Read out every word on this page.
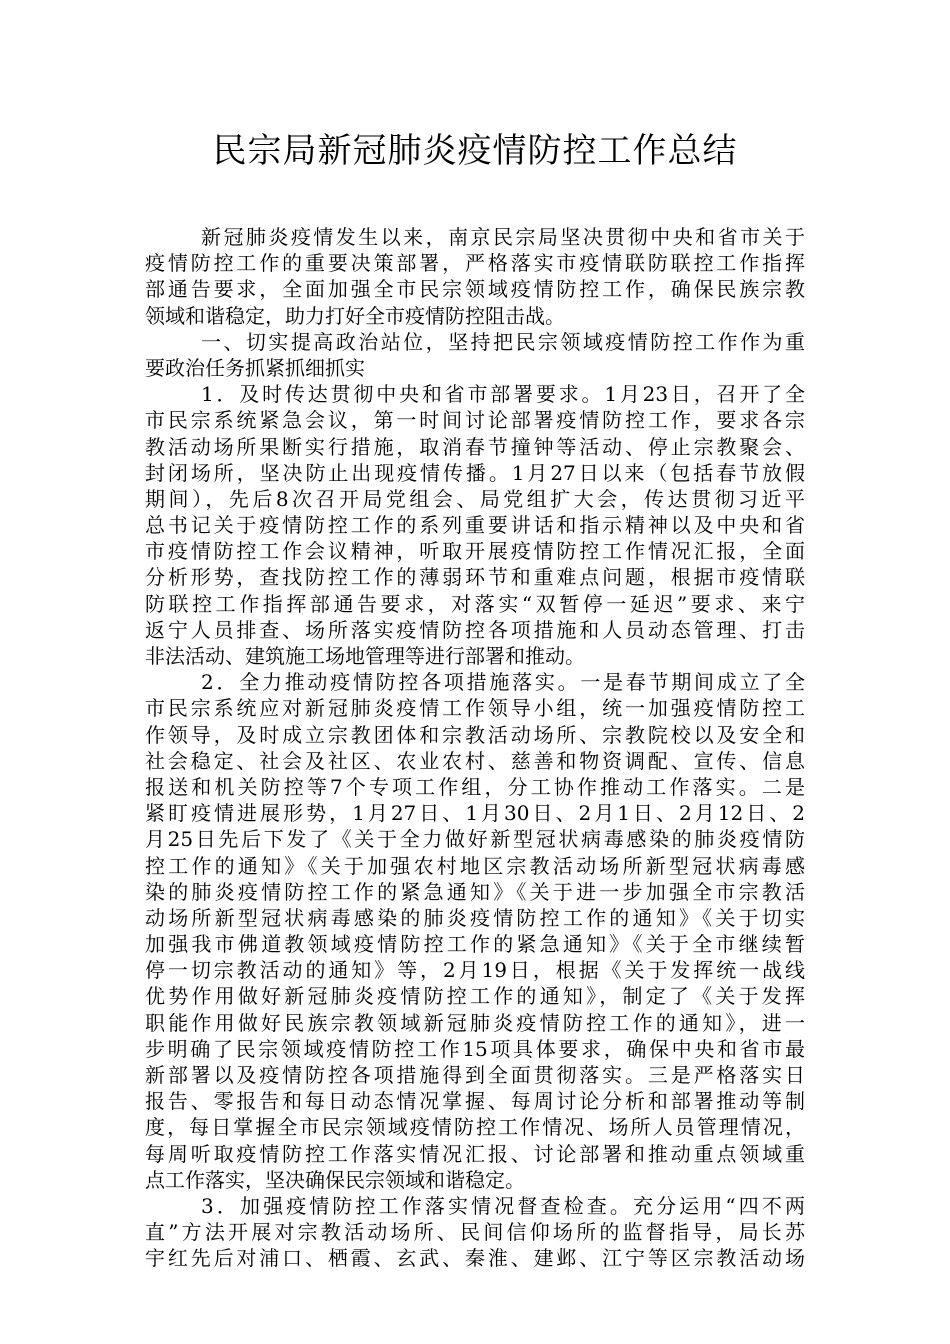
民宗局新冠肺炎疫情防控工作总结
新冠肺炎疫情发生以来，南京民宗局坚决贯彻中央和省市关于
疫情防控工作的重要决策部署，严格落实市疫情联防联控工作指挥
部通告要求，全面加强全市民宗领域疫情防控工作，确保民族宗教
领域和谐稳定，助力打好全市疫情防控阻击战。
一、切实提高政治站位，坚持把民宗领域疫情防控工作作为重
要政治任务抓紧抓细抓实
1．及时传达贯彻中央和省市部署要求。1月23日，召开了全
市民宗系统紧急会议，第一时间讨论部署疫情防控工作，要求各宗
教活动场所果断实行措施，取消春节撞钟等活动、停止宗教聚会、
封闭场所，坚决防止出现疫情传播。1月27日以来（包括春节放假
期间），先后8次召开局党组会、局党组扩大会，传达贯彻习近平
总书记关于疫情防控工作的系列重要讲话和指示精神以及中央和省
市疫情防控工作会议精神，听取开展疫情防控工作情况汇报，全面
分析形势，查找防控工作的薄弱环节和重难点问题，根据市疫情联
防联控工作指挥部通告要求，对落实“双暂停一延迟”要求、来宁
返宁人员排查、场所落实疫情防控各项措施和人员动态管理、打击
非法活动、建筑施工场地管理等进行部署和推动。
2．全力推动疫情防控各项措施落实。一是春节期间成立了全
市民宗系统应对新冠肺炎疫情工作领导小组，统一加强疫情防控工
作领导，及时成立宗教团体和宗教活动场所、宗教院校以及安全和
社会稳定、社会及社区、农业农村、慈善和物资调配、宣传、信息
报送和机关防控等7个专项工作组，分工协作推动工作落实。二是
紧盯疫情进展形势，1月27日、1月30日、2月1日、2月12日、2
月25日先后下发了《关于全力做好新型冠状病毒感染的肺炎疫情防
控工作的通知》《关于加强农村地区宗教活动场所新型冠状病毒感
染的肺炎疫情防控工作的紧急通知》《关于进一步加强全市宗教活
动场所新型冠状病毒感染的肺炎疫情防控工作的通知》《关于切实
加强我市佛道教领域疫情防控工作的紧急通知》《关于全市继续暂
停一切宗教活动的通知》等，2月19日，根据《关于发挥统一战线
优势作用做好新冠肺炎疫情防控工作的通知》，制定了《关于发挥
职能作用做好民族宗教领域新冠肺炎疫情防控工作的通知》，进一
步明确了民宗领域疫情防控工作15项具体要求，确保中央和省市最
新部署以及疫情防控各项措施得到全面贯彻落实。三是严格落实日
报告、零报告和每日动态情况掌握、每周讨论分析和部署推动等制
度，每日掌握全市民宗领域疫情防控工作情况、场所人员管理情况，
每周听取疫情防控工作落实情况汇报、讨论部署和推动重点领域重
点工作落实，坚决确保民宗领域和谐稳定。
3．加强疫情防控工作落实情况督查检查。充分运用“四不两
直”方法开展对宗教活动场所、民间信仰场所的监督指导，局长苏
宇红先后对浦口、栖霞、玄武、秦淮、建邺、江宁等区宗教活动场
